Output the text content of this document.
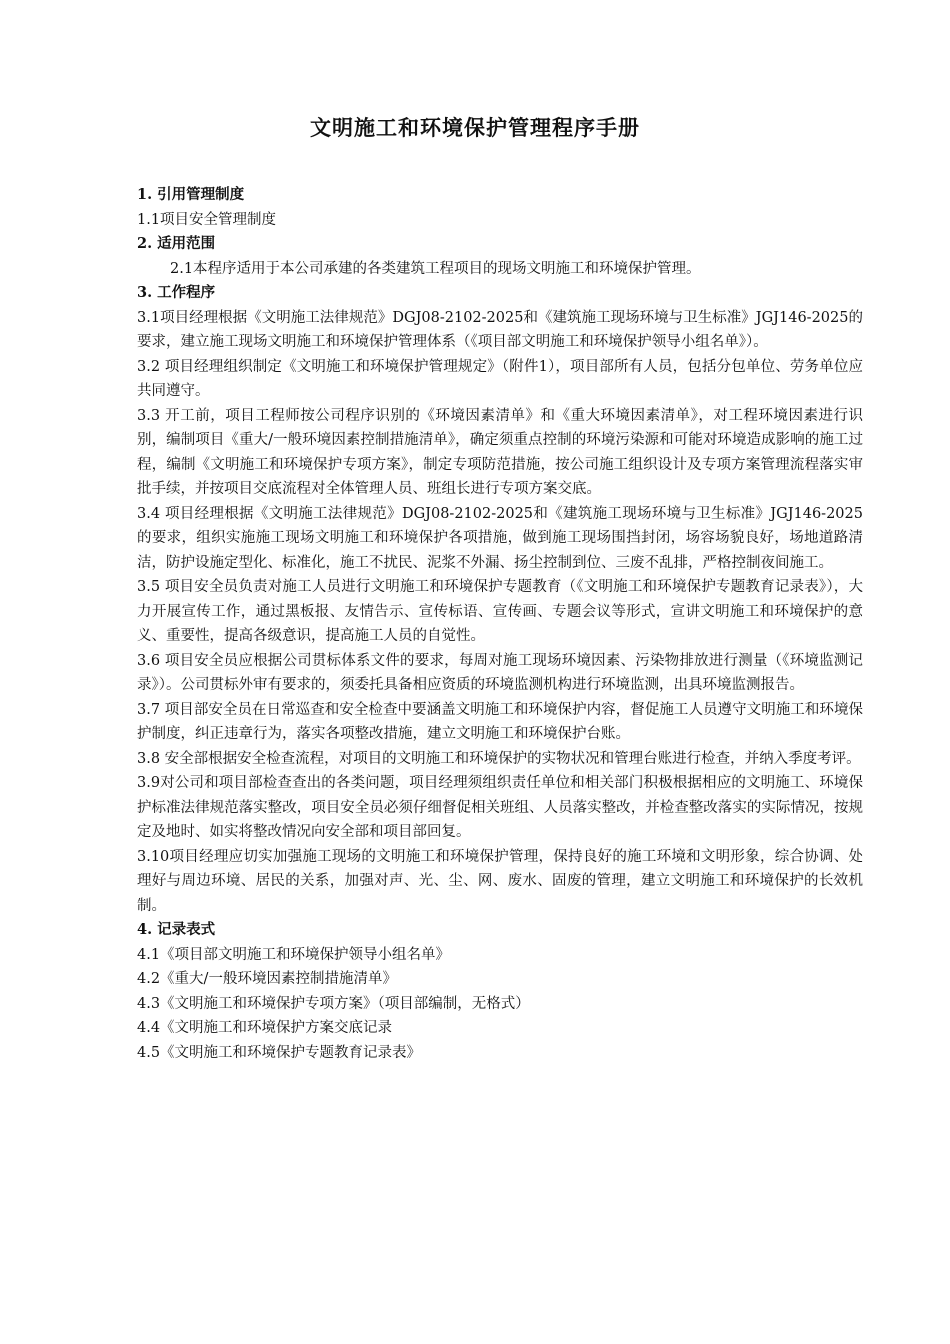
文明施工和环境保护管理程序手册

1. 引用管理制度

1.1项目安全管理制度

2. 适用范围

2.1本程序适用于本公司承建的各类建筑工程项目的现场文明施工和环境保护管理。

3. 工作程序

3.1项目经理根据《文明施工法律规范》DGJ08-2102-2025和《建筑施工现场环境与卫生标准》JGJ146-2025的要求，建立施工现场文明施工和环境保护管理体系（《项目部文明施工和环境保护领导小组名单》）。

3.2 项目经理组织制定《文明施工和环境保护管理规定》（附件1），项目部所有人员，包括分包单位、劳务单位应共同遵守。

3.3 开工前，项目工程师按公司程序识别的《环境因素清单》和《重大环境因素清单》，对工程环境因素进行识别，编制项目《重大/一般环境因素控制措施清单》，确定须重点控制的环境污染源和可能对环境造成影响的施工过程，编制《文明施工和环境保护专项方案》，制定专项防范措施，按公司施工组织设计及专项方案管理流程落实审批手续，并按项目交底流程对全体管理人员、班组长进行专项方案交底。

3.4 项目经理根据《文明施工法律规范》DGJ08-2102-2025和《建筑施工现场环境与卫生标准》JGJ146-2025的要求，组织实施施工现场文明施工和环境保护各项措施，做到施工现场围挡封闭，场容场貌良好，场地道路清洁，防护设施定型化、标准化，施工不扰民、泥浆不外漏、扬尘控制到位、三废不乱排，严格控制夜间施工。

3.5 项目安全员负责对施工人员进行文明施工和环境保护专题教育（《文明施工和环境保护专题教育记录表》），大力开展宣传工作，通过黑板报、友情告示、宣传标语、宣传画、专题会议等形式，宣讲文明施工和环境保护的意义、重要性，提高各级意识，提高施工人员的自觉性。

3.6 项目安全员应根据公司贯标体系文件的要求，每周对施工现场环境因素、污染物排放进行测量（《环境监测记录》）。公司贯标外审有要求的，须委托具备相应资质的环境监测机构进行环境监测，出具环境监测报告。

3.7 项目部安全员在日常巡查和安全检查中要涵盖文明施工和环境保护内容，督促施工人员遵守文明施工和环境保护制度，纠正违章行为，落实各项整改措施，建立文明施工和环境保护台账。

3.8 安全部根据安全检查流程，对项目的文明施工和环境保护的实物状况和管理台账进行检查，并纳入季度考评。

3.9对公司和项目部检查查出的各类问题，项目经理须组织责任单位和相关部门积极根据相应的文明施工、环境保护标准法律规范落实整改，项目安全员必须仔细督促相关班组、人员落实整改，并检查整改落实的实际情况，按规定及地时、如实将整改情况向安全部和项目部回复。

3.10项目经理应切实加强施工现场的文明施工和环境保护管理，保持良好的施工环境和文明形象，综合协调、处理好与周边环境、居民的关系，加强对声、光、尘、网、废水、固废的管理，建立文明施工和环境保护的长效机制。

4. 记录表式

4.1《项目部文明施工和环境保护领导小组名单》

4.2《重大/一般环境因素控制措施清单》

4.3《文明施工和环境保护专项方案》（项目部编制，无格式）

4.4《文明施工和环境保护方案交底记录

4.5《文明施工和环境保护专题教育记录表》
